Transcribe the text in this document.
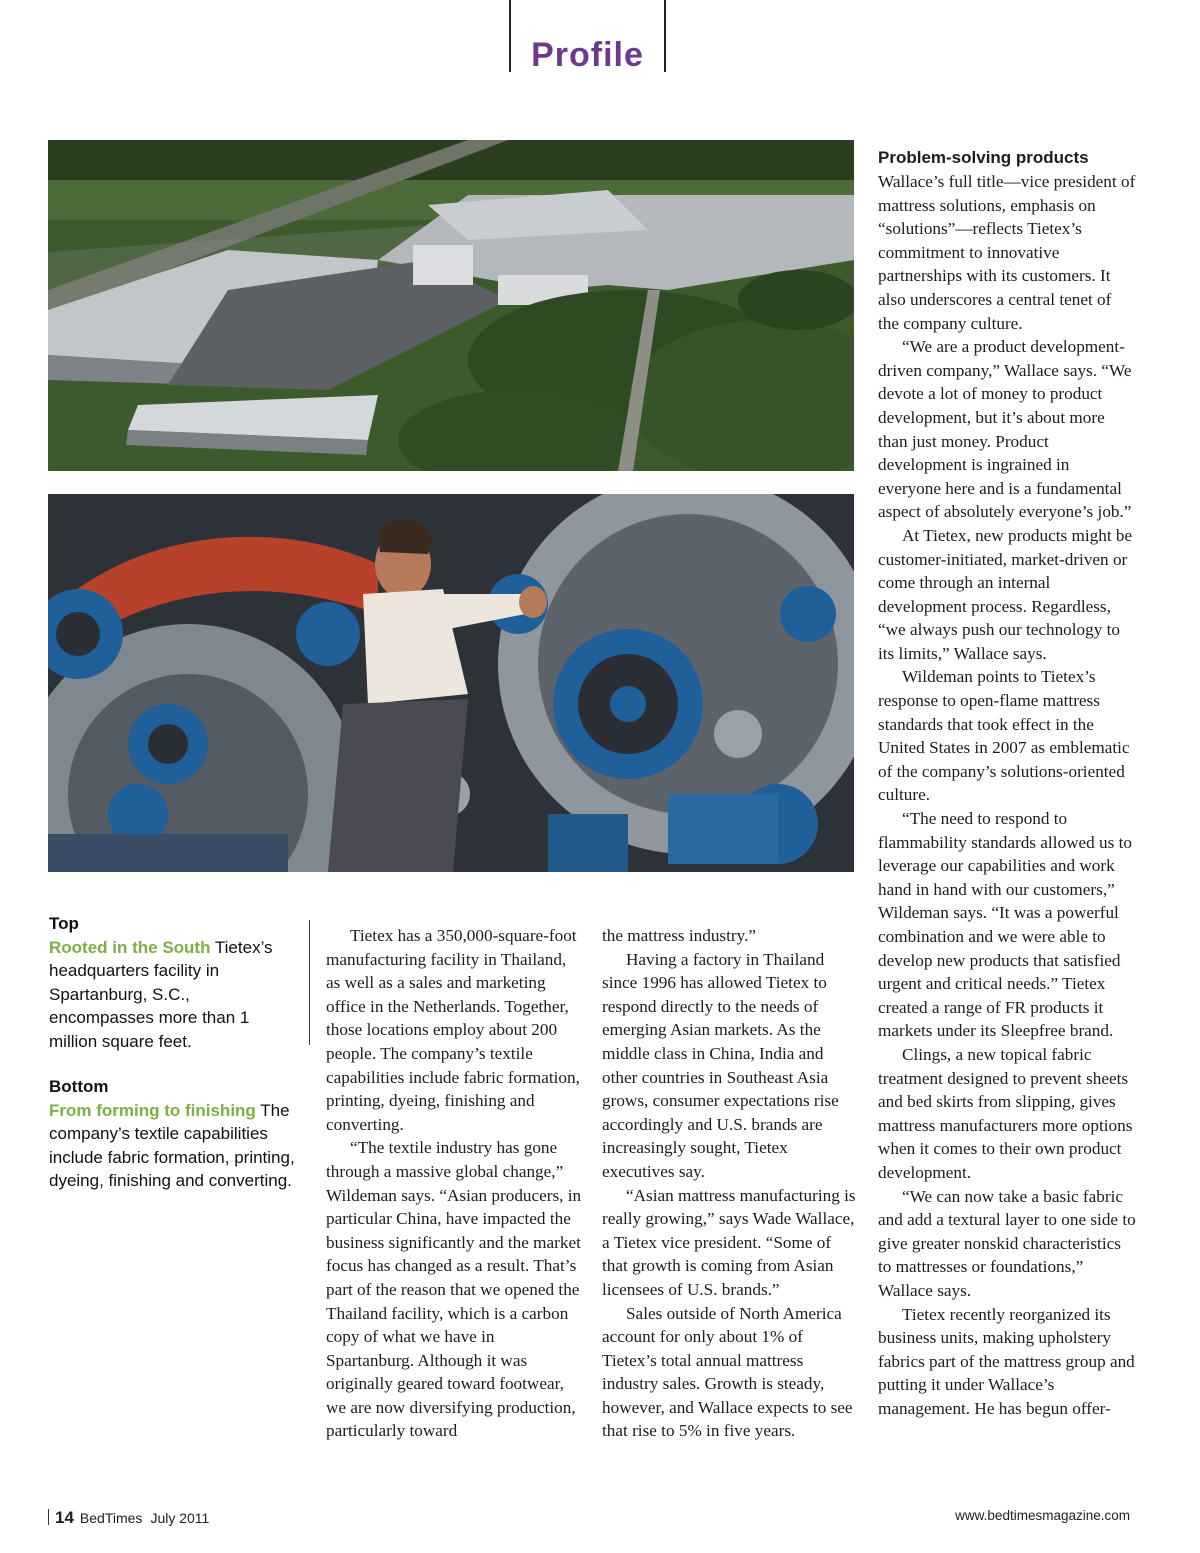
Profile
Top
Rooted in the South Tietex’s headquarters facility in Spartanburg, S.C., encompasses more than 1 million square feet.
Bottom
From forming to finishing The company’s textile capabilities include fabric formation, printing, dyeing, finishing and converting.

Tietex has a 350,000-square-foot manufacturing facility in Thailand, as well as a sales and marketing office in the Netherlands. Together, those locations employ about 200 people. The company’s textile capabilities include fabric formation, printing, dyeing, finishing and converting.

“The textile industry has gone through a massive global change,” Wildeman says. “Asian producers, in particular China, have impacted the business significantly and the market focus has changed as a result. That’s part of the reason that we opened the Thailand facility, which is a carbon copy of what we have in Spartanburg. Although it was originally geared toward footwear, we are now diversifying production, particularly toward

the mattress industry.”

Having a factory in Thailand since 1996 has allowed Tietex to respond directly to the needs of emerging Asian markets. As the middle class in China, India and other countries in Southeast Asia grows, consumer expectations rise accordingly and U.S. brands are increasingly sought, Tietex executives say.

“Asian mattress manufacturing is really growing,” says Wade Wallace, a Tietex vice president. “Some of that growth is coming from Asian licensees of U.S. brands.”

Sales outside of North America account for only about 1% of Tietex’s total annual mattress industry sales. Growth is steady, however, and Wallace expects to see that rise to 5% in five years.

Problem-solving products

Wallace’s full title—vice president of mattress solutions, emphasis on “solutions”—reflects Tietex’s commitment to innovative partnerships with its customers. It also underscores a central tenet of the company culture.

“We are a product development-driven company,” Wallace says. “We devote a lot of money to product development, but it’s about more than just money. Product development is ingrained in everyone here and is a fundamental aspect of absolutely everyone’s job.”

At Tietex, new products might be customer-initiated, market-driven or come through an internal development process. Regardless, “we always push our technology to its limits,” Wallace says.

Wildeman points to Tietex’s response to open-flame mattress standards that took effect in the United States in 2007 as emblematic of the company’s solutions-oriented culture.

“The need to respond to flammability standards allowed us to leverage our capabilities and work hand in hand with our customers,” Wildeman says. “It was a powerful combination and we were able to develop new products that satisfied urgent and critical needs.” Tietex created a range of FR products it markets under its Sleepfree brand.

Clings, a new topical fabric treatment designed to prevent sheets and bed skirts from slipping, gives mattress manufacturers more options when it comes to their own product development.

“We can now take a basic fabric and add a textural layer to one side to give greater nonskid characteristics to mattresses or foundations,” Wallace says.

Tietex recently reorganized its business units, making upholstery fabrics part of the mattress group and putting it under Wallace’s management. He has begun offer-

14 BedTimes July 2011	www.bedtimesmagazine.com
